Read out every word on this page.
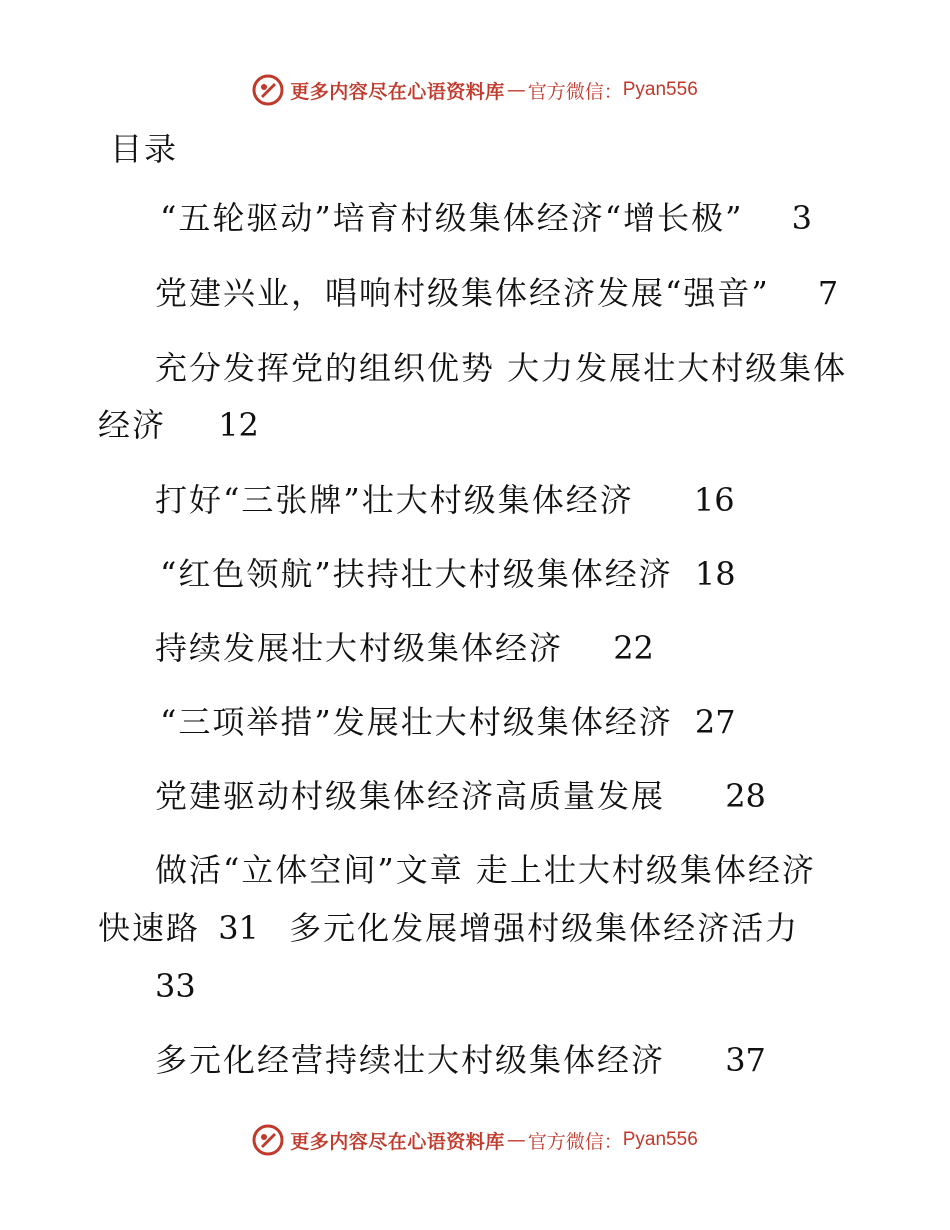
更多内容尽在心语资料库 — 官方微信： Pyan556
目录
“五轮驱动”培育村级集体经济“增长极” 3
党建兴业，唱响村级集体经济发展“强音” 7
充分发挥党的组织优势 大力发展壮大村级集体
经济 12
打好“三张牌”壮大村级集体经济 16
“红色领航”扶持壮大村级集体经济 18
持续发展壮大村级集体经济 22
“三项举措”发展壮大村级集体经济 27
党建驱动村级集体经济高质量发展 28
做活“立体空间”文章 走上壮大村级集体经济
快速路 31 多元化发展增强村级集体经济活力
33
多元化经营持续壮大村级集体经济 37
更多内容尽在心语资料库 — 官方微信： Pyan556
